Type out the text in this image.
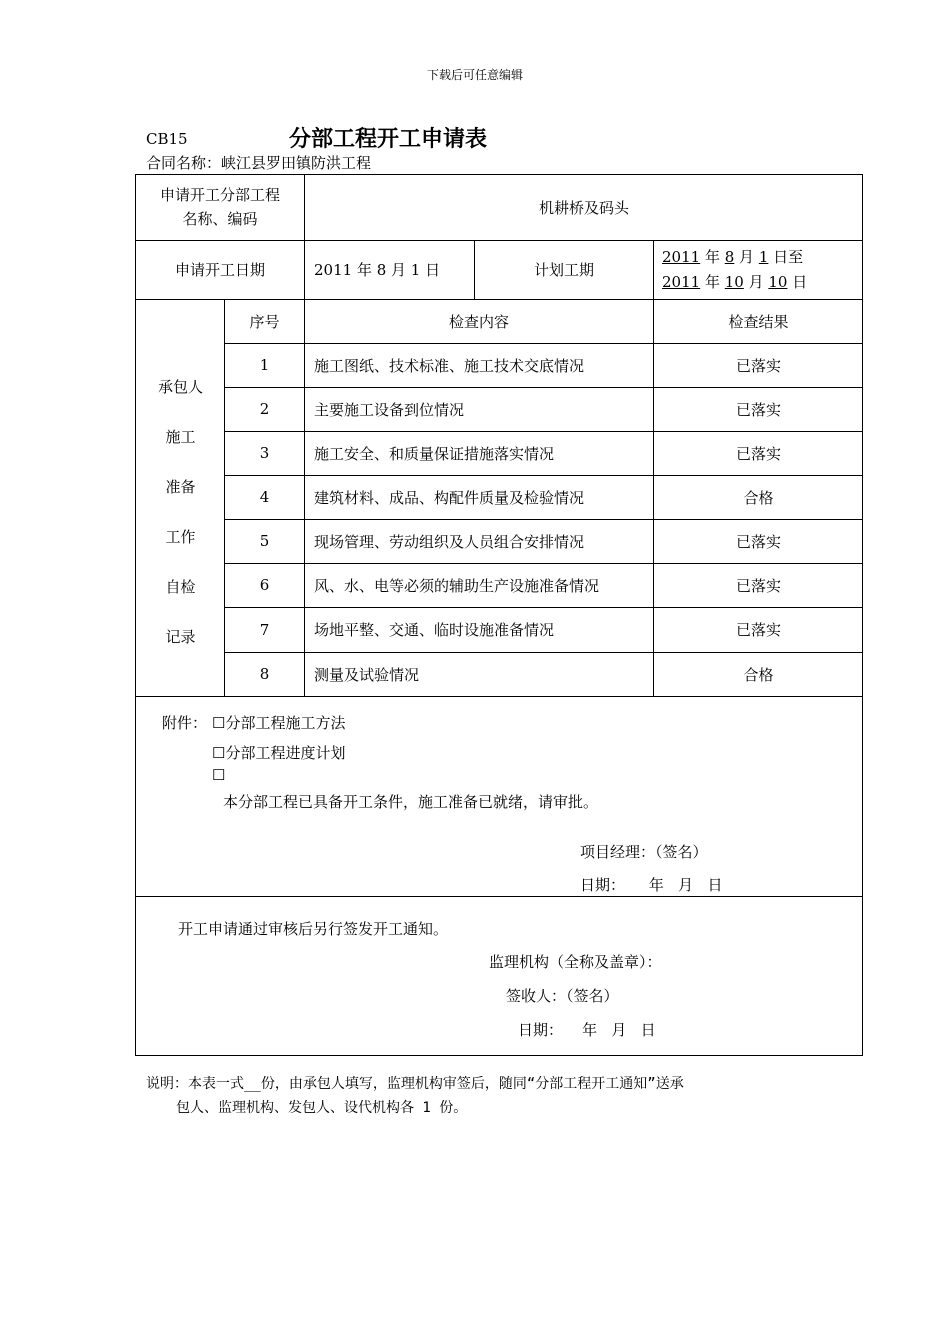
下载后可任意编辑
CB15	分部工程开工申请表
合同名称：峡江县罗田镇防洪工程
申请开工分部工程
名称、编码
机耕桥及码头
申请开工日期	2011 年 8 月 1 日	计划工期
2011 年 8 月 1 日至
2011 年 10 月 10 日
承包人
施工
准备
工作
自检
记录
序号	检查内容	检查结果
1	施工图纸、技术标准、施工技术交底情况	已落实
2	主要施工设备到位情况	已落实
3	施工安全、和质量保证措施落实情况	已落实
4	建筑材料、成品、构配件质量及检验情况	合格
5	现场管理、劳动组织及人员组合安排情况	已落实
6	风、水、电等必须的辅助生产设施准备情况	已落实
7	场地平整、交通、临时设施准备情况	已落实
8	测量及试验情况	合格
附件： ☐分部工程施工方法
☐分部工程进度计划
☐
本分部工程已具备开工条件，施工准备已就绪，请审批。
项目经理：（签名）
日期：     年   月   日
开工申请通过审核后另行签发开工通知。
监理机构（全称及盖章）：
签收人：（签名）
日期：    年   月   日
说明：本表一式__份，由承包人填写，监理机构审签后，随同“分部工程开工通知”送承
包人、监理机构、发包人、设代机构各 1 份。
